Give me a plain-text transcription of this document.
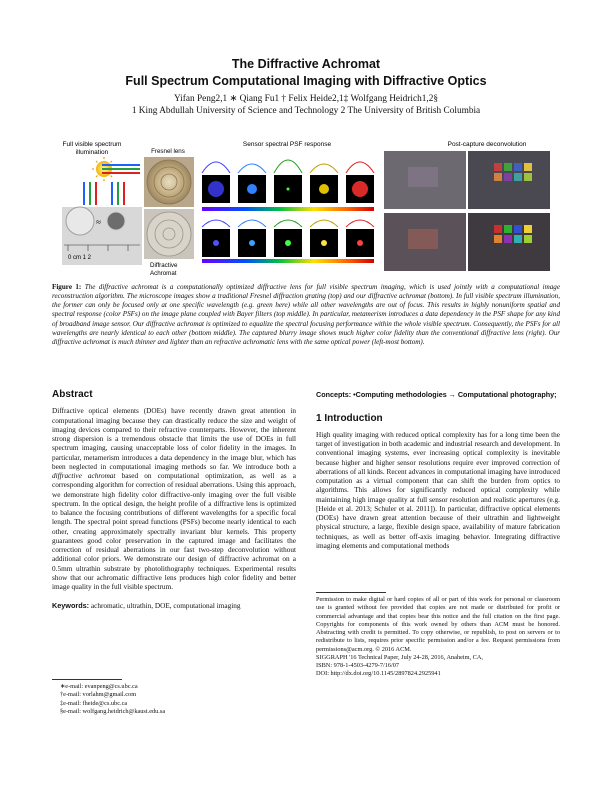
The Diffractive Achromat
Full Spectrum Computational Imaging with Diffractive Optics
Yifan Peng2,1 ∗ Qiang Fu1 † Felix Heide2,1‡ Wolfgang Heidrich1,2§
1 King Abdullah University of Science and Technology 2 The University of British Columbia
Full visible spectrum
illumination
≈
0 cm 1 2
Fresnel lens
Diffractive
Achromat
Sensor spectral PSF response	Post-capture deconvolution
Figure 1: The diffractive achromat is a computationally optimized diffractive lens for full visible spectrum imaging, which is used jointly with a computational image reconstruction algorithm. The microscope images show a traditional Fresnel diffraction grating (top) and our diffractive achromat (bottom). In full visible spectrum illumination, the former can only be focused only at one specific wavelength (e.g. green here) while all other wavelengths are out of focus. This results in highly nonuniform spatial and spectral response (color PSFs) on the image plane coupled with Bayer filters (top middle). In particular, metamerism introduces a data dependency in the PSF shape for any kind of broadband image sensor. Our diffractive achromat is optimized to equalize the spectral focusing performance within the whole visible spectrum. Consequently, the PSFs for all wavelengths are nearly identical to each other (bottom middle). The captured blurry image shows much higher color fidelity than the conventional diffractive lens (right). Our diffractive achromat is much thinner and lighter than an refractive achromatic lens with the same optical power (left-most bottom).
Abstract

Diffractive optical elements (DOEs) have recently drawn great attention in computational imaging because they can drastically reduce the size and weight of imaging devices compared to their refractive counterparts. However, the inherent strong dispersion is a tremendous obstacle that limits the use of DOEs in full spectrum imaging, causing unacceptable loss of color fidelity in the images. In particular, metamerism introduces a data dependency in the image blur, which has been neglected in computational imaging methods so far. We introduce both a diffractive achromat based on computational optimization, as well as a corresponding algorithm for correction of residual aberrations. Using this approach, we demonstrate high fidelity color diffractive-only imaging over the full visible spectrum. In the optical design, the height profile of a diffractive lens is optimized to balance the focusing contributions of different wavelengths for a specific focal length. The spectral point spread functions (PSFs) become nearly identical to each other, creating approximately spectrally invariant blur kernels. This property guarantees good color preservation in the captured image and facilitates the correction of residual aberrations in our fast two-step deconvolution without additional color priors. We demonstrate our design of diffractive achromat on a 0.5mm ultrathin substrate by photolithography techniques. Experimental results show that our achromatic diffractive lens produces high color fidelity and better image quality in the full visible spectrum.

Keywords: achromatic, ultrathin, DOE, computational imaging

Concepts: •Computing methodologies → Computational photography;

1 Introduction

High quality imaging with reduced optical complexity has for a long time been the target of investigation in both academic and industrial research and development. In conventional imaging systems, ever increasing optical complexity is inevitable because higher and higher sensor resolutions require ever improved correction of aberrations of all kinds. Recent advances in computational imaging have introduced computation as a virtual component that can shift the burden from optics to algorithms. This allows for significantly reduced optical complexity while maintaining high image quality at full sensor resolution and realistic apertures (e.g. [Heide et al. 2013; Schuler et al. 2011]). In particular, diffractive optical elements (DOEs) have drawn great attention because of their ultrathin and lightweight physical structure, a large, flexible design space, availability of mature fabrication techniques, as well as better off-axis imaging behavior. Integrating diffractive imaging elements and computational methods

∗e-mail: evanpeng@cs.ubc.ca
†e-mail: vorlahm@gmail.com
‡e-mail: fheide@cs.ubc.ca
§e-mail: wolfgang.heidrich@kaust.edu.sa

Permission to make digital or hard copies of all or part of this work for personal or classroom use is granted without fee provided that copies are not made or distributed for profit or commercial advantage and that copies bear this notice and the full citation on the first page. Copyrights for components of this work owned by others than ACM must be honored. Abstracting with credit is permitted. To copy otherwise, or republish, to post on servers or to redistribute to lists, requires prior specific permission and/or a fee. Request permissions from permissions@acm.org. © 2016 ACM.

SIGGRAPH '16 Technical Paper, July 24-28, 2016, Anaheim, CA,
ISBN: 978-1-4503-4279-7/16/07
DOI: http://dx.doi.org/10.1145/2897824.2925941
